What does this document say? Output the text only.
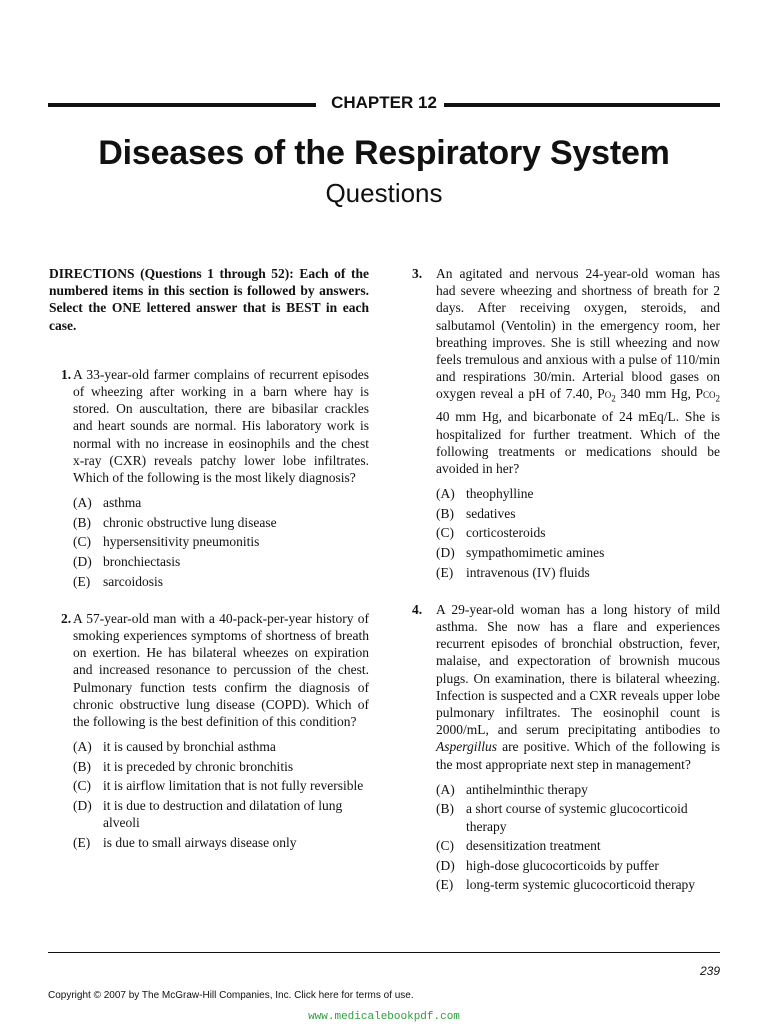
CHAPTER 12
Diseases of the Respiratory System
Questions
DIRECTIONS (Questions 1 through 52): Each of the numbered items in this section is followed by answers. Select the ONE lettered answer that is BEST in each case.
1. A 33-year-old farmer complains of recurrent episodes of wheezing after working in a barn where hay is stored. On auscultation, there are bibasilar crackles and heart sounds are normal. His laboratory work is normal with no increase in eosinophils and the chest x-ray (CXR) reveals patchy lower lobe infiltrates. Which of the following is the most likely diagnosis?
(A) asthma
(B) chronic obstructive lung disease
(C) hypersensitivity pneumonitis
(D) bronchiectasis
(E) sarcoidosis
2. A 57-year-old man with a 40-pack-per-year history of smoking experiences symptoms of shortness of breath on exertion. He has bilateral wheezes on expiration and increased resonance to percussion of the chest. Pulmonary function tests confirm the diagnosis of chronic obstructive lung disease (COPD). Which of the following is the best definition of this condition?
(A) it is caused by bronchial asthma
(B) it is preceded by chronic bronchitis
(C) it is airflow limitation that is not fully reversible
(D) it is due to destruction and dilatation of lung alveoli
(E) is due to small airways disease only
3. An agitated and nervous 24-year-old woman has had severe wheezing and shortness of breath for 2 days. After receiving oxygen, steroids, and salbutamol (Ventolin) in the emergency room, her breathing improves. She is still wheezing and now feels tremulous and anxious with a pulse of 110/min and respirations 30/min. Arterial blood gases on oxygen reveal a pH of 7.40, $Po_2$ 340 mm Hg, Pco$_2$ 40 mm Hg, and bicarbonate of 24 mEq/L. She is hospitalized for further treatment. Which of the following treatments or medications should be avoided in her?
(A) theophylline
(B) sedatives
(C) corticosteroids
(D) sympathomimetic amines
(E) intravenous (IV) fluids
4. A 29-year-old woman has a long history of mild asthma. She now has a flare and experiences recurrent episodes of bronchial obstruction, fever, malaise, and expectoration of brownish mucous plugs. On examination, there is bilateral wheezing. Infection is suspected and a CXR reveals upper lobe pulmonary infiltrates. The eosinophil count is 2000/mL, and serum precipitating antibodies to Aspergillus are positive. Which of the following is the most appropriate next step in management?
(A) antihelminthic therapy
(B) a short course of systemic glucocorticoid therapy
(C) desensitization treatment
(D) high-dose glucocorticoids by puffer
(E) long-term systemic glucocorticoid therapy
239
Copyright © 2007 by The McGraw-Hill Companies, Inc. Click here for terms of use.
www.medicalebookpdf.com
